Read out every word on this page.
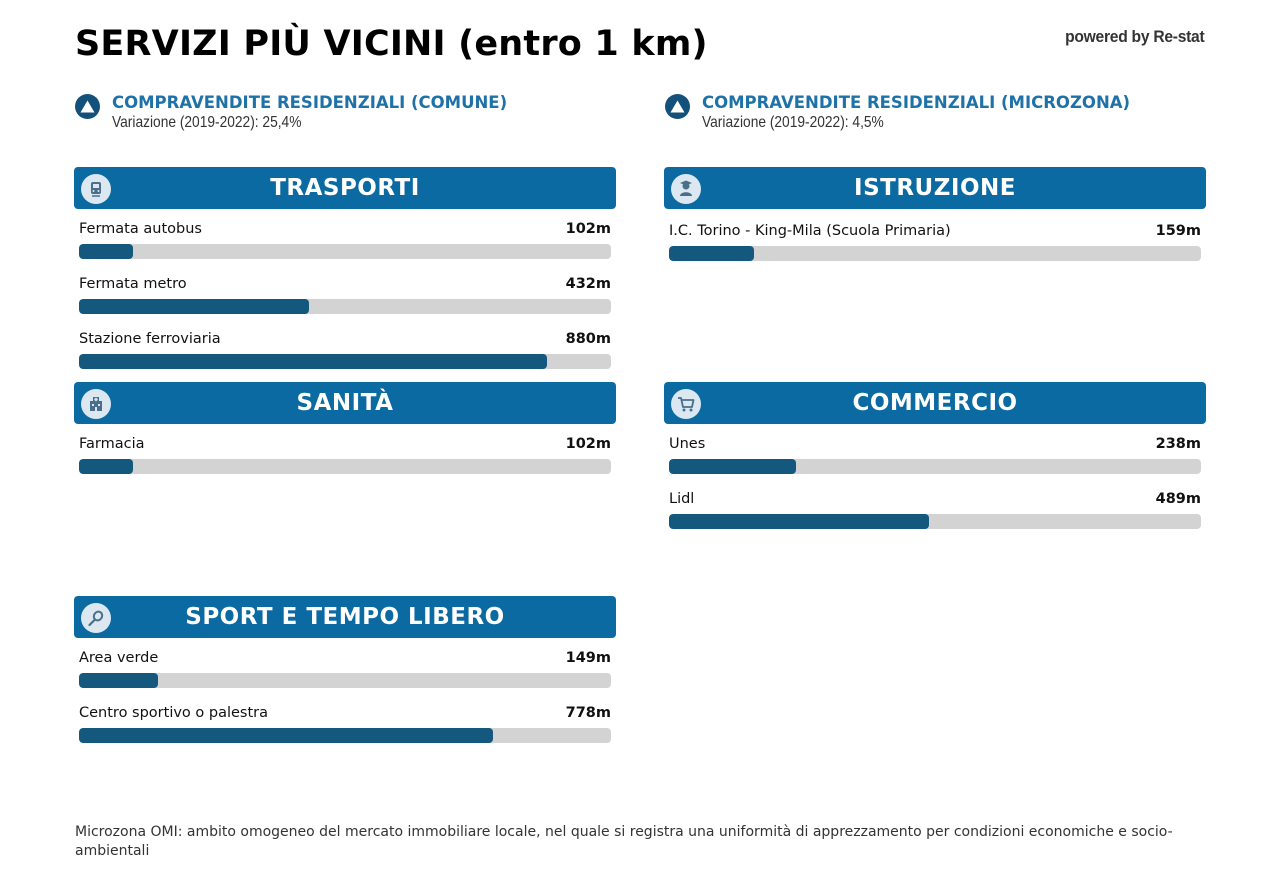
SERVIZI PIÙ VICINI (entro 1 km)	powered by Re-stat
COMPRAVENDITE RESIDENZIALI (COMUNE)
Variazione (2019-2022): 25,4%
COMPRAVENDITE RESIDENZIALI (MICROZONA)
Variazione (2019-2022): 4,5%
TRASPORTI
Fermata autobus	102m
Fermata metro	432m
Stazione ferroviaria	880m
ISTRUZIONE
I.C. Torino - King-Mila (Scuola Primaria)	159m
SANITÀ
Farmacia	102m
COMMERCIO
Unes	238m
Lidl	489m
SPORT E TEMPO LIBERO
Area verde	149m
Centro sportivo o palestra	778m
Microzona OMI: ambito omogeneo del mercato immobiliare locale, nel quale si registra una uniformità di apprezzamento per condizioni economiche e socio-ambientali
